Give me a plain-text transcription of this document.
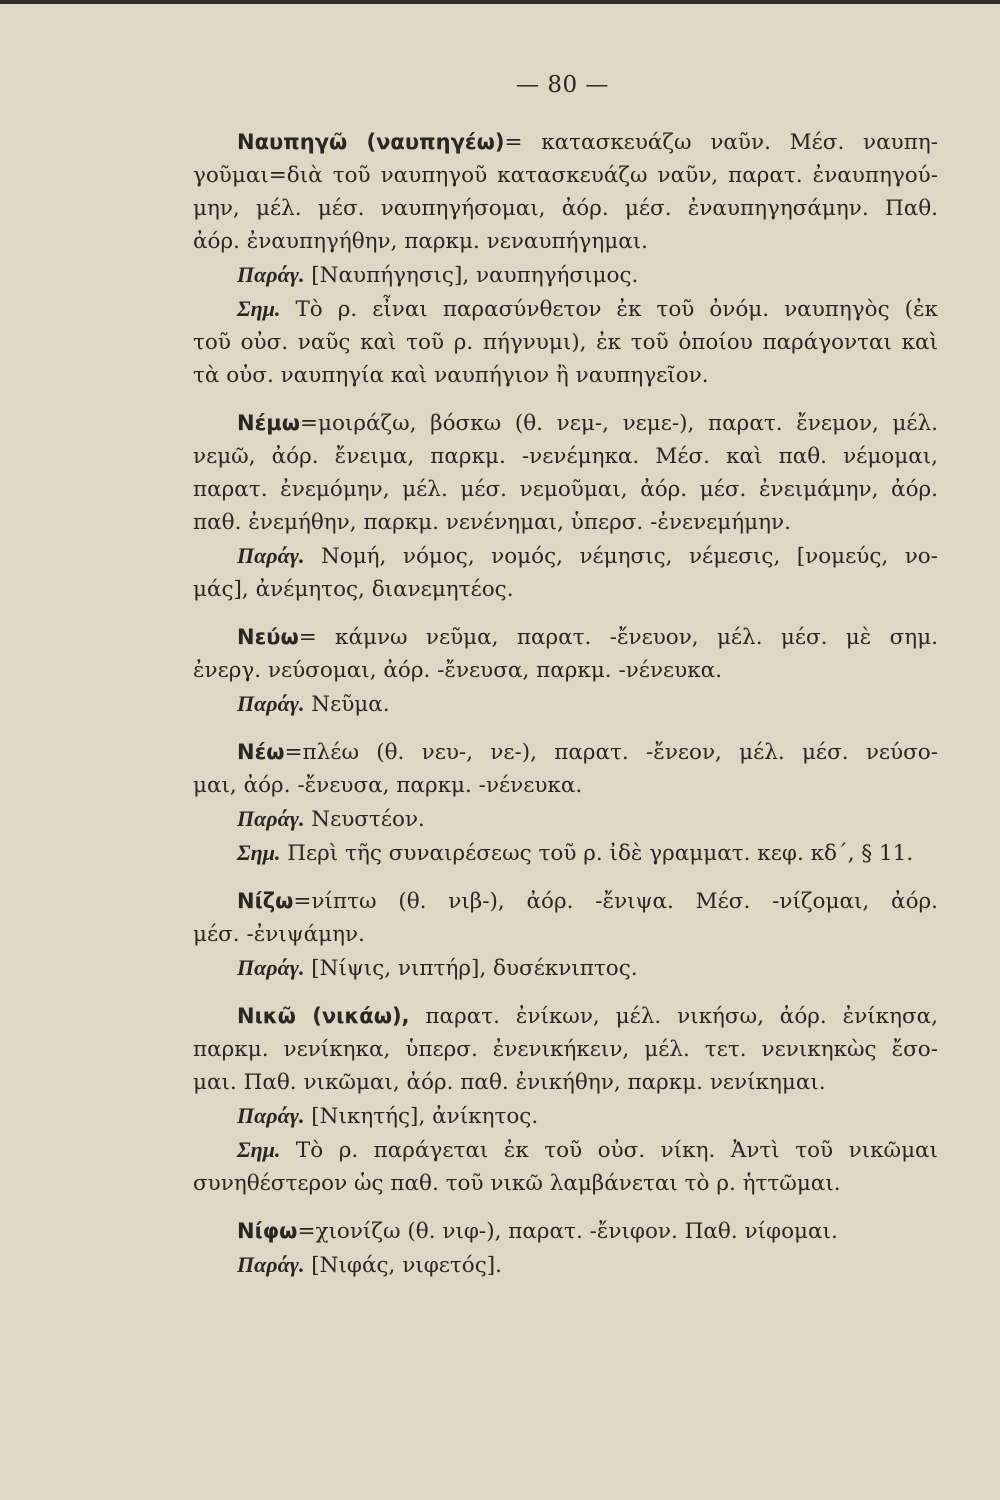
— 80 —
Ναυπηγῶ (ναυπηγέω)= κατασκευάζω ναῦν. Μέσ. ναυπη-
γοῦμαι=διὰ τοῦ ναυπηγοῦ κατασκευάζω ναῦν, παρατ. ἐναυπηγού-
μην, μέλ. μέσ. ναυπηγήσομαι, ἀόρ. μέσ. ἐναυπηγησάμην. Παθ.
ἀόρ. ἐναυπηγήθην, παρκμ. νεναυπήγημαι.
Παράγ. [Ναυπήγησις], ναυπηγήσιμος.
Σημ. Τὸ ρ. εἶναι παρασύνθετον ἐκ τοῦ ὀνόμ. ναυπηγὸς (ἐκ
τοῦ οὐσ. ναῦς καὶ τοῦ ρ. πήγνυμι), ἐκ τοῦ ὁποίου παράγονται καὶ
τὰ οὐσ. ναυπηγία καὶ ναυπήγιον ἢ ναυπηγεῖον.
Νέμω=μοιράζω, βόσκω (θ. νεμ-, νεμε-), παρατ. ἔνεμον, μέλ.
νεμῶ, ἀόρ. ἔνειμα, παρκμ. -νενέμηκα. Μέσ. καὶ παθ. νέμομαι,
παρατ. ἐνεμόμην, μέλ. μέσ. νεμοῦμαι, ἀόρ. μέσ. ἐνειμάμην, ἀόρ.
παθ. ἐνεμήθην, παρκμ. νενένημαι, ὑπερσ. -ἐνενεμήμην.
Παράγ. Νομή, νόμος, νομός, νέμησις, νέμεσις, [νομεύς, νο-
μάς], ἀνέμητος, διανεμητέος.
Νεύω= κάμνω νεῦμα, παρατ. -ἔνευον, μέλ. μέσ. μὲ σημ.
ἐνεργ. νεύσομαι, ἀόρ. -ἔνευσα, παρκμ. -νένευκα.
Παράγ. Νεῦμα.
Νέω=πλέω (θ. νευ-, νε-), παρατ. -ἔνεον, μέλ. μέσ. νεύσο-
μαι, ἀόρ. -ἔνευσα, παρκμ. -νένευκα.
Παράγ. Νευστέον.
Σημ. Περὶ τῆς συναιρέσεως τοῦ ρ. ἰδὲ γραμματ. κεφ. κδ΄, § 11.
Νίζω=νίπτω (θ. νιβ-), ἀόρ. -ἔνιψα. Μέσ. -νίζομαι, ἀόρ.
μέσ. -ἐνιψάμην.
Παράγ. [Νίψις, νιπτήρ], δυσέκνιπτος.
Νικῶ (νικάω), παρατ. ἐνίκων, μέλ. νικήσω, ἀόρ. ἐνίκησα,
παρκμ. νενίκηκα, ὑπερσ. ἐνενικήκειν, μέλ. τετ. νενικηκὼς ἔσο-
μαι. Παθ. νικῶμαι, ἀόρ. παθ. ἐνικήθην, παρκμ. νενίκημαι.
Παράγ. [Νικητής], ἀνίκητος.
Σημ. Τὸ ρ. παράγεται ἐκ τοῦ οὐσ. νίκη. Ἀντὶ τοῦ νικῶμαι
συνηθέστερον ὡς παθ. τοῦ νικῶ λαμβάνεται τὸ ρ. ἡττῶμαι.
Νίφω=χιονίζω (θ. νιφ-), παρατ. -ἔνιφον. Παθ. νίφομαι.
Παράγ. [Νιφάς, νιφετός].
